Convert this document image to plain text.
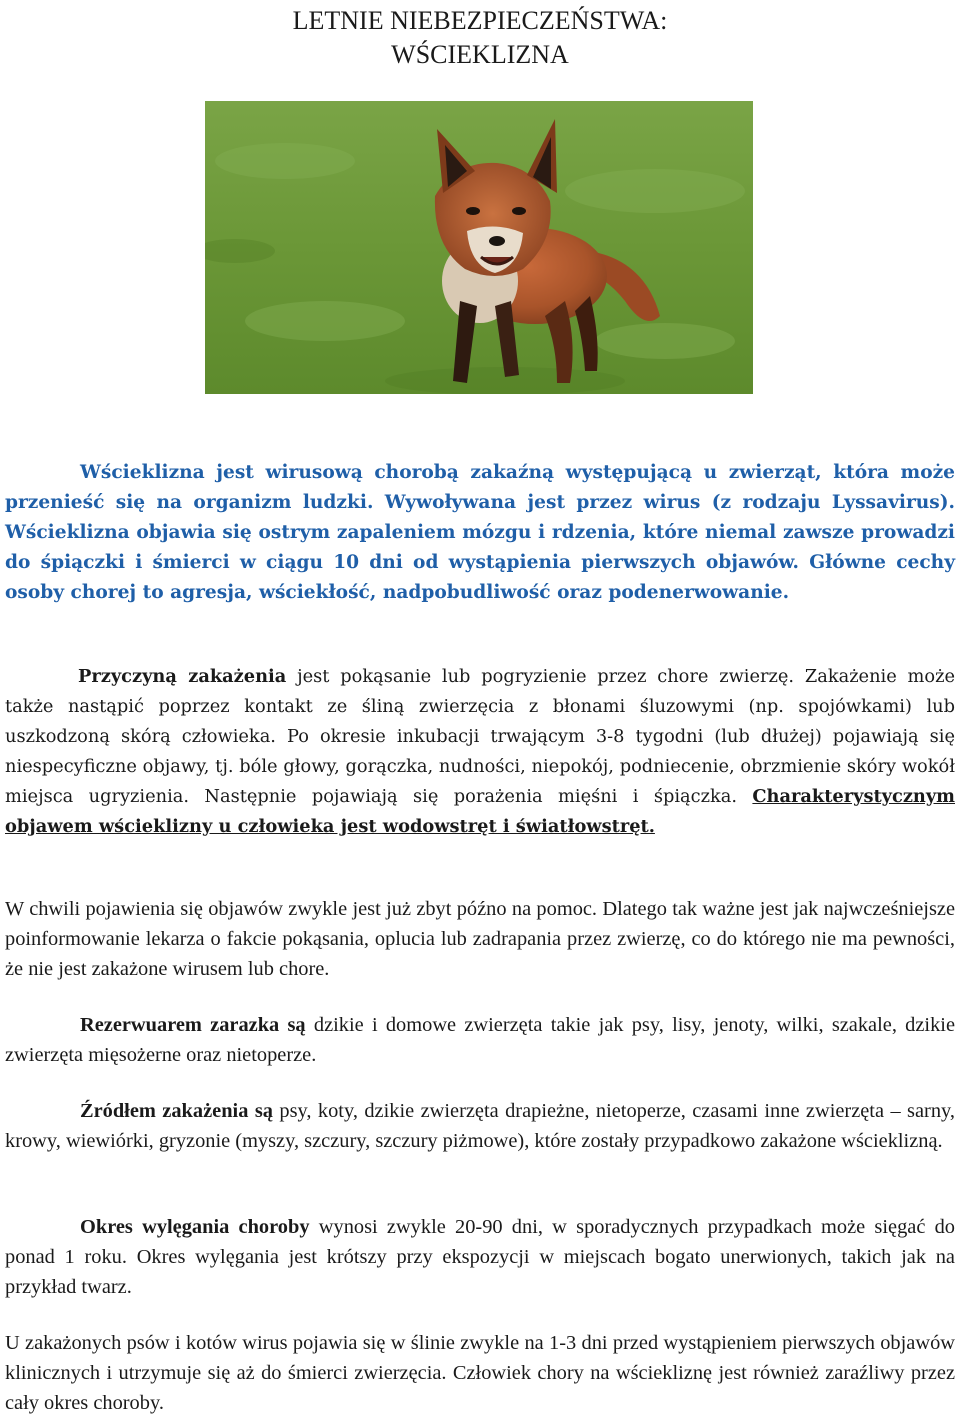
LETNIE NIEBEZPIECZEŃSTWA:
WŚCIEKLIZNA

Wścieklizna jest wirusową chorobą zakaźną występującą u zwierząt, która może przenieść się na organizm ludzki. Wywoływana jest przez wirus (z rodzaju Lyssavirus). Wścieklizna objawia się ostrym zapaleniem mózgu i rdzenia, które niemal zawsze prowadzi do śpiączki i śmierci w ciągu 10 dni od wystąpienia pierwszych objawów. Główne cechy osoby chorej to agresja, wściekłość, nadpobudliwość oraz podenerwowanie.

Przyczyną zakażenia jest pokąsanie lub pogryzienie przez chore zwierzę. Zakażenie może także nastąpić poprzez kontakt ze śliną zwierzęcia z błonami śluzowymi (np. spojówkami) lub uszkodzoną skórą człowieka. Po okresie inkubacji trwającym 3-8 tygodni (lub dłużej) pojawiają się niespecyficzne objawy, tj. bóle głowy, gorączka, nudności, niepokój, podniecenie, obrzmienie skóry wokół miejsca ugryzienia. Następnie pojawiają się porażenia mięśni i śpiączka. Charakterystycznym objawem wścieklizny u człowieka jest wodowstręt i światłowstręt.

W chwili pojawienia się objawów zwykle jest już zbyt późno na pomoc. Dlatego tak ważne jest jak najwcześniejsze poinformowanie lekarza o fakcie pokąsania, oplucia lub zadrapania przez zwierzę, co do którego nie ma pewności, że nie jest zakażone wirusem lub chore.

Rezerwuarem zarazka są dzikie i domowe zwierzęta takie jak psy, lisy, jenoty, wilki, szakale, dzikie zwierzęta mięsożerne oraz nietoperze.

Źródłem zakażenia są psy, koty, dzikie zwierzęta drapieżne, nietoperze, czasami inne zwierzęta – sarny, krowy, wiewiórki, gryzonie (myszy, szczury, szczury piżmowe), które zostały przypadkowo zakażone wścieklizną.

Okres wylęgania choroby wynosi zwykle 20-90 dni, w sporadycznych przypadkach może sięgać do ponad 1 roku. Okres wylęgania jest krótszy przy ekspozycji w miejscach bogato unerwionych, takich jak na przykład twarz.

U zakażonych psów i kotów wirus pojawia się w ślinie zwykle na 1-3 dni przed wystąpieniem pierwszych objawów klinicznych i utrzymuje się aż do śmierci zwierzęcia. Człowiek chory na wściekliznę jest również zaraźliwy przez cały okres choroby.
